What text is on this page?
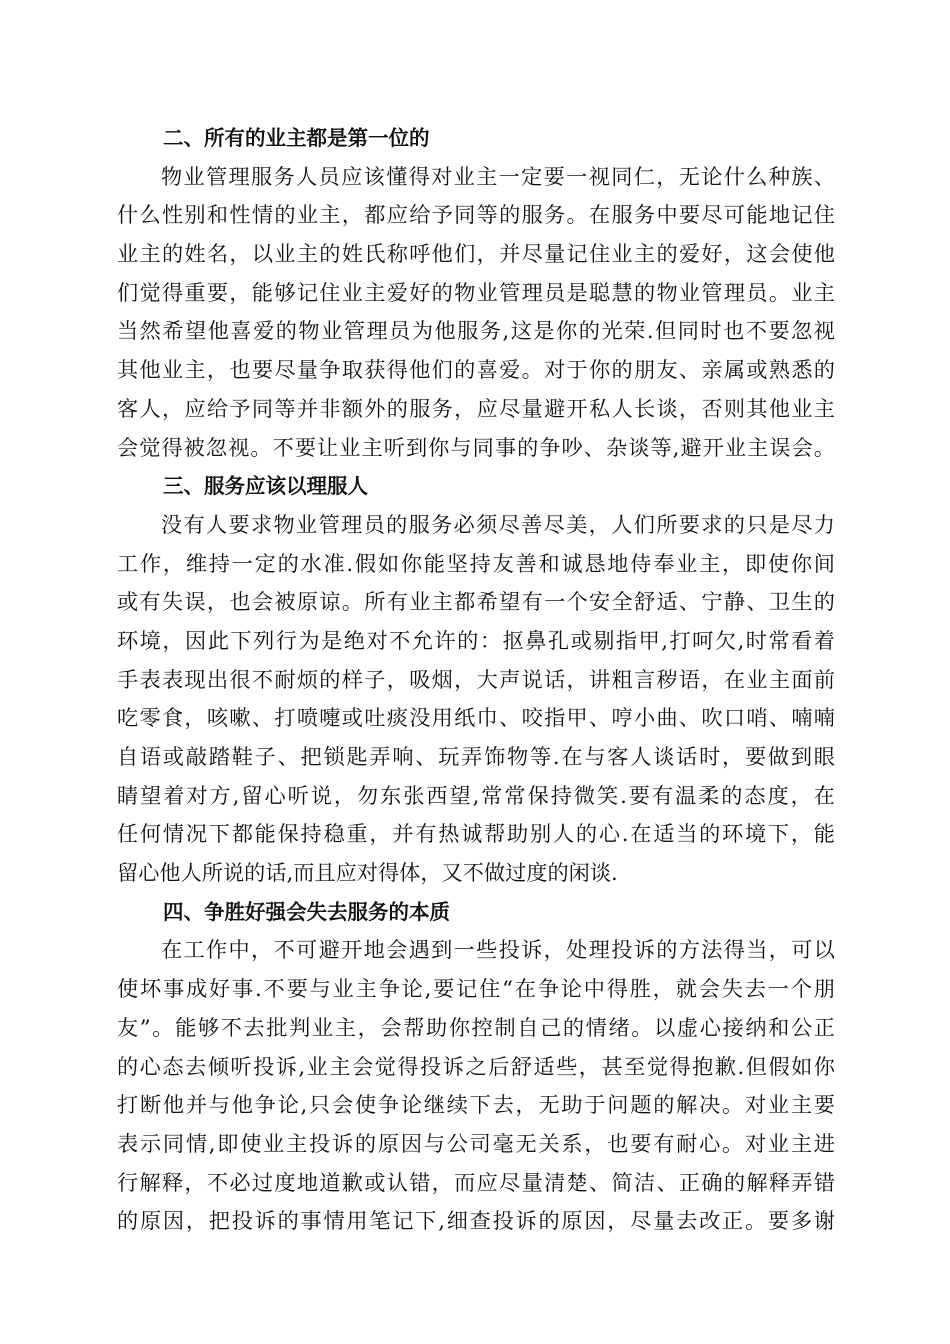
二、所有的业主都是第一位的
物业管理服务人员应该懂得对业主一定要一视同仁，无论什么种族、
什么性别和性情的业主，都应给予同等的服务。在服务中要尽可能地记住
业主的姓名，以业主的姓氏称呼他们，并尽量记住业主的爱好，这会使他
们觉得重要，能够记住业主爱好的物业管理员是聪慧的物业管理员。业主
当然希望他喜爱的物业管理员为他服务,这是你的光荣.但同时也不要忽视
其他业主，也要尽量争取获得他们的喜爱。对于你的朋友、亲属或熟悉的
客人，应给予同等并非额外的服务，应尽量避开私人长谈，否则其他业主
会觉得被忽视。不要让业主听到你与同事的争吵、杂谈等,避开业主误会。
三、服务应该以理服人
没有人要求物业管理员的服务必须尽善尽美，人们所要求的只是尽力
工作，维持一定的水准.假如你能坚持友善和诚恳地侍奉业主，即使你间
或有失误，也会被原谅。所有业主都希望有一个安全舒适、宁静、卫生的
环境，因此下列行为是绝对不允许的：抠鼻孔或剔指甲,打呵欠,时常看着
手表表现出很不耐烦的样子，吸烟，大声说话，讲粗言秽语，在业主面前
吃零食，咳嗽、打喷嚏或吐痰没用纸巾、咬指甲、哼小曲、吹口哨、喃喃
自语或敲踏鞋子、把锁匙弄响、玩弄饰物等.在与客人谈话时，要做到眼
睛望着对方,留心听说，勿东张西望,常常保持微笑.要有温柔的态度，在
任何情况下都能保持稳重，并有热诚帮助别人的心.在适当的环境下，能
留心他人所说的话,而且应对得体，又不做过度的闲谈.
四、争胜好强会失去服务的本质
在工作中，不可避开地会遇到一些投诉，处理投诉的方法得当，可以
使坏事成好事.不要与业主争论,要记住“在争论中得胜，就会失去一个朋
友”。能够不去批判业主，会帮助你控制自己的情绪。以虚心接纳和公正
的心态去倾听投诉,业主会觉得投诉之后舒适些，甚至觉得抱歉.但假如你
打断他并与他争论,只会使争论继续下去，无助于问题的解决。对业主要
表示同情,即使业主投诉的原因与公司毫无关系，也要有耐心。对业主进
行解释，不必过度地道歉或认错，而应尽量清楚、简洁、正确的解释弄错
的原因，把投诉的事情用笔记下,细查投诉的原因，尽量去改正。要多谢
